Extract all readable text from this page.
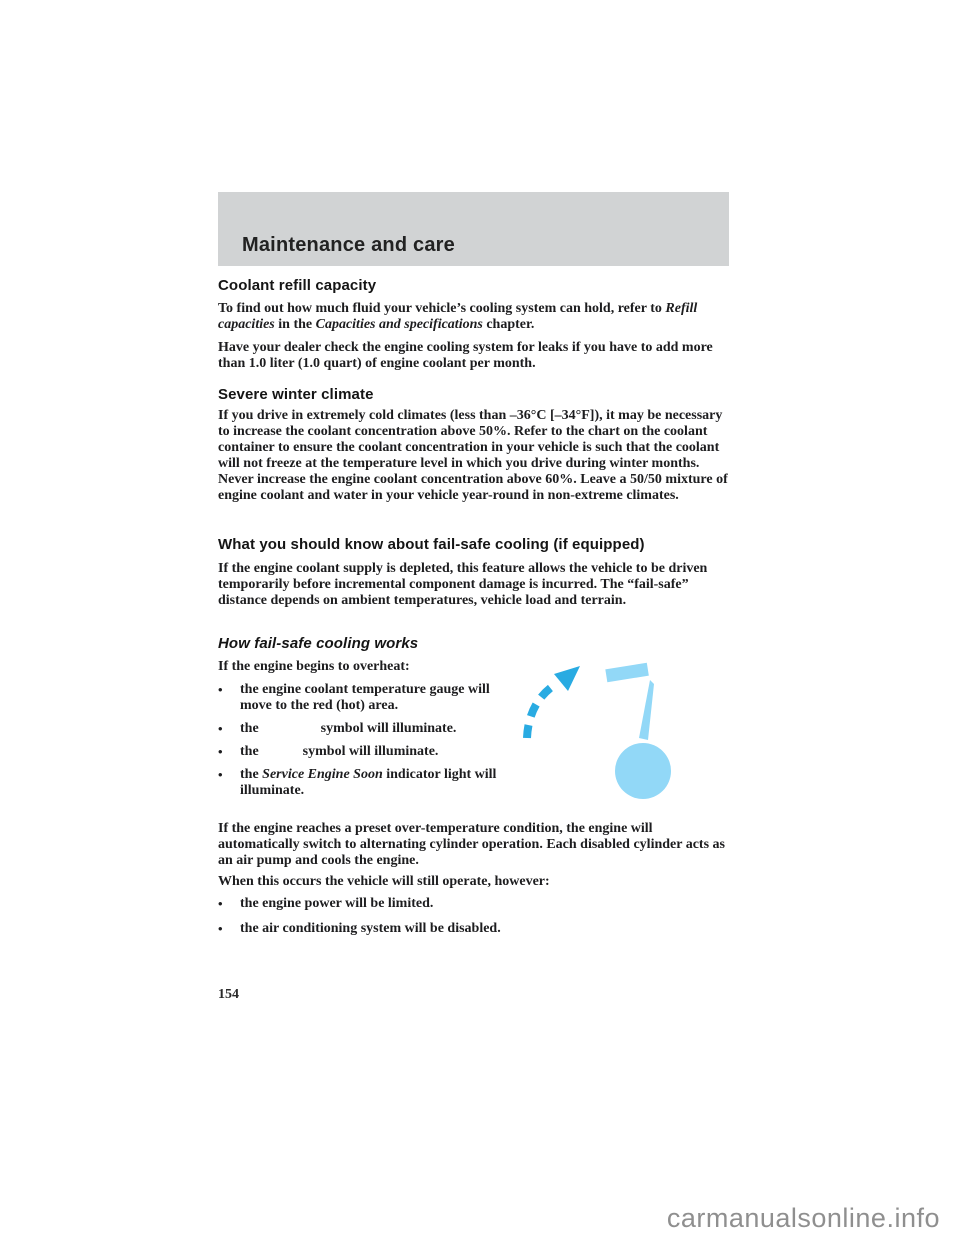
Maintenance and care
Coolant refill capacity
To find out how much fluid your vehicle’s cooling system can hold, refer to Refill capacities in the Capacities and specifications chapter.
Have your dealer check the engine cooling system for leaks if you have to add more than 1.0 liter (1.0 quart) of engine coolant per month.
Severe winter climate
If you drive in extremely cold climates (less than –36°C [–34°F]), it may be necessary to increase the coolant concentration above 50%. Refer to the chart on the coolant container to ensure the coolant concentration in your vehicle is such that the coolant will not freeze at the temperature level in which you drive during winter months. Never increase the engine coolant concentration above 60%. Leave a 50/50 mixture of engine coolant and water in your vehicle year-round in non-extreme climates.
What you should know about fail-safe cooling (if equipped)
If the engine coolant supply is depleted, this feature allows the vehicle to be driven temporarily before incremental component damage is incurred. The “fail-safe” distance depends on ambient temperatures, vehicle load and terrain.
How fail-safe cooling works
If the engine begins to overheat:
•	the engine coolant temperature gauge will move to the red (hot) area.
•	the	symbol will illuminate.
•	the	symbol will illuminate.
•	the Service Engine Soon indicator light will illuminate.
If the engine reaches a preset over-temperature condition, the engine will automatically switch to alternating cylinder operation. Each disabled cylinder acts as an air pump and cools the engine.
When this occurs the vehicle will still operate, however:
•	the engine power will be limited.
•	the air conditioning system will be disabled.
154
carmanualsonline.info
